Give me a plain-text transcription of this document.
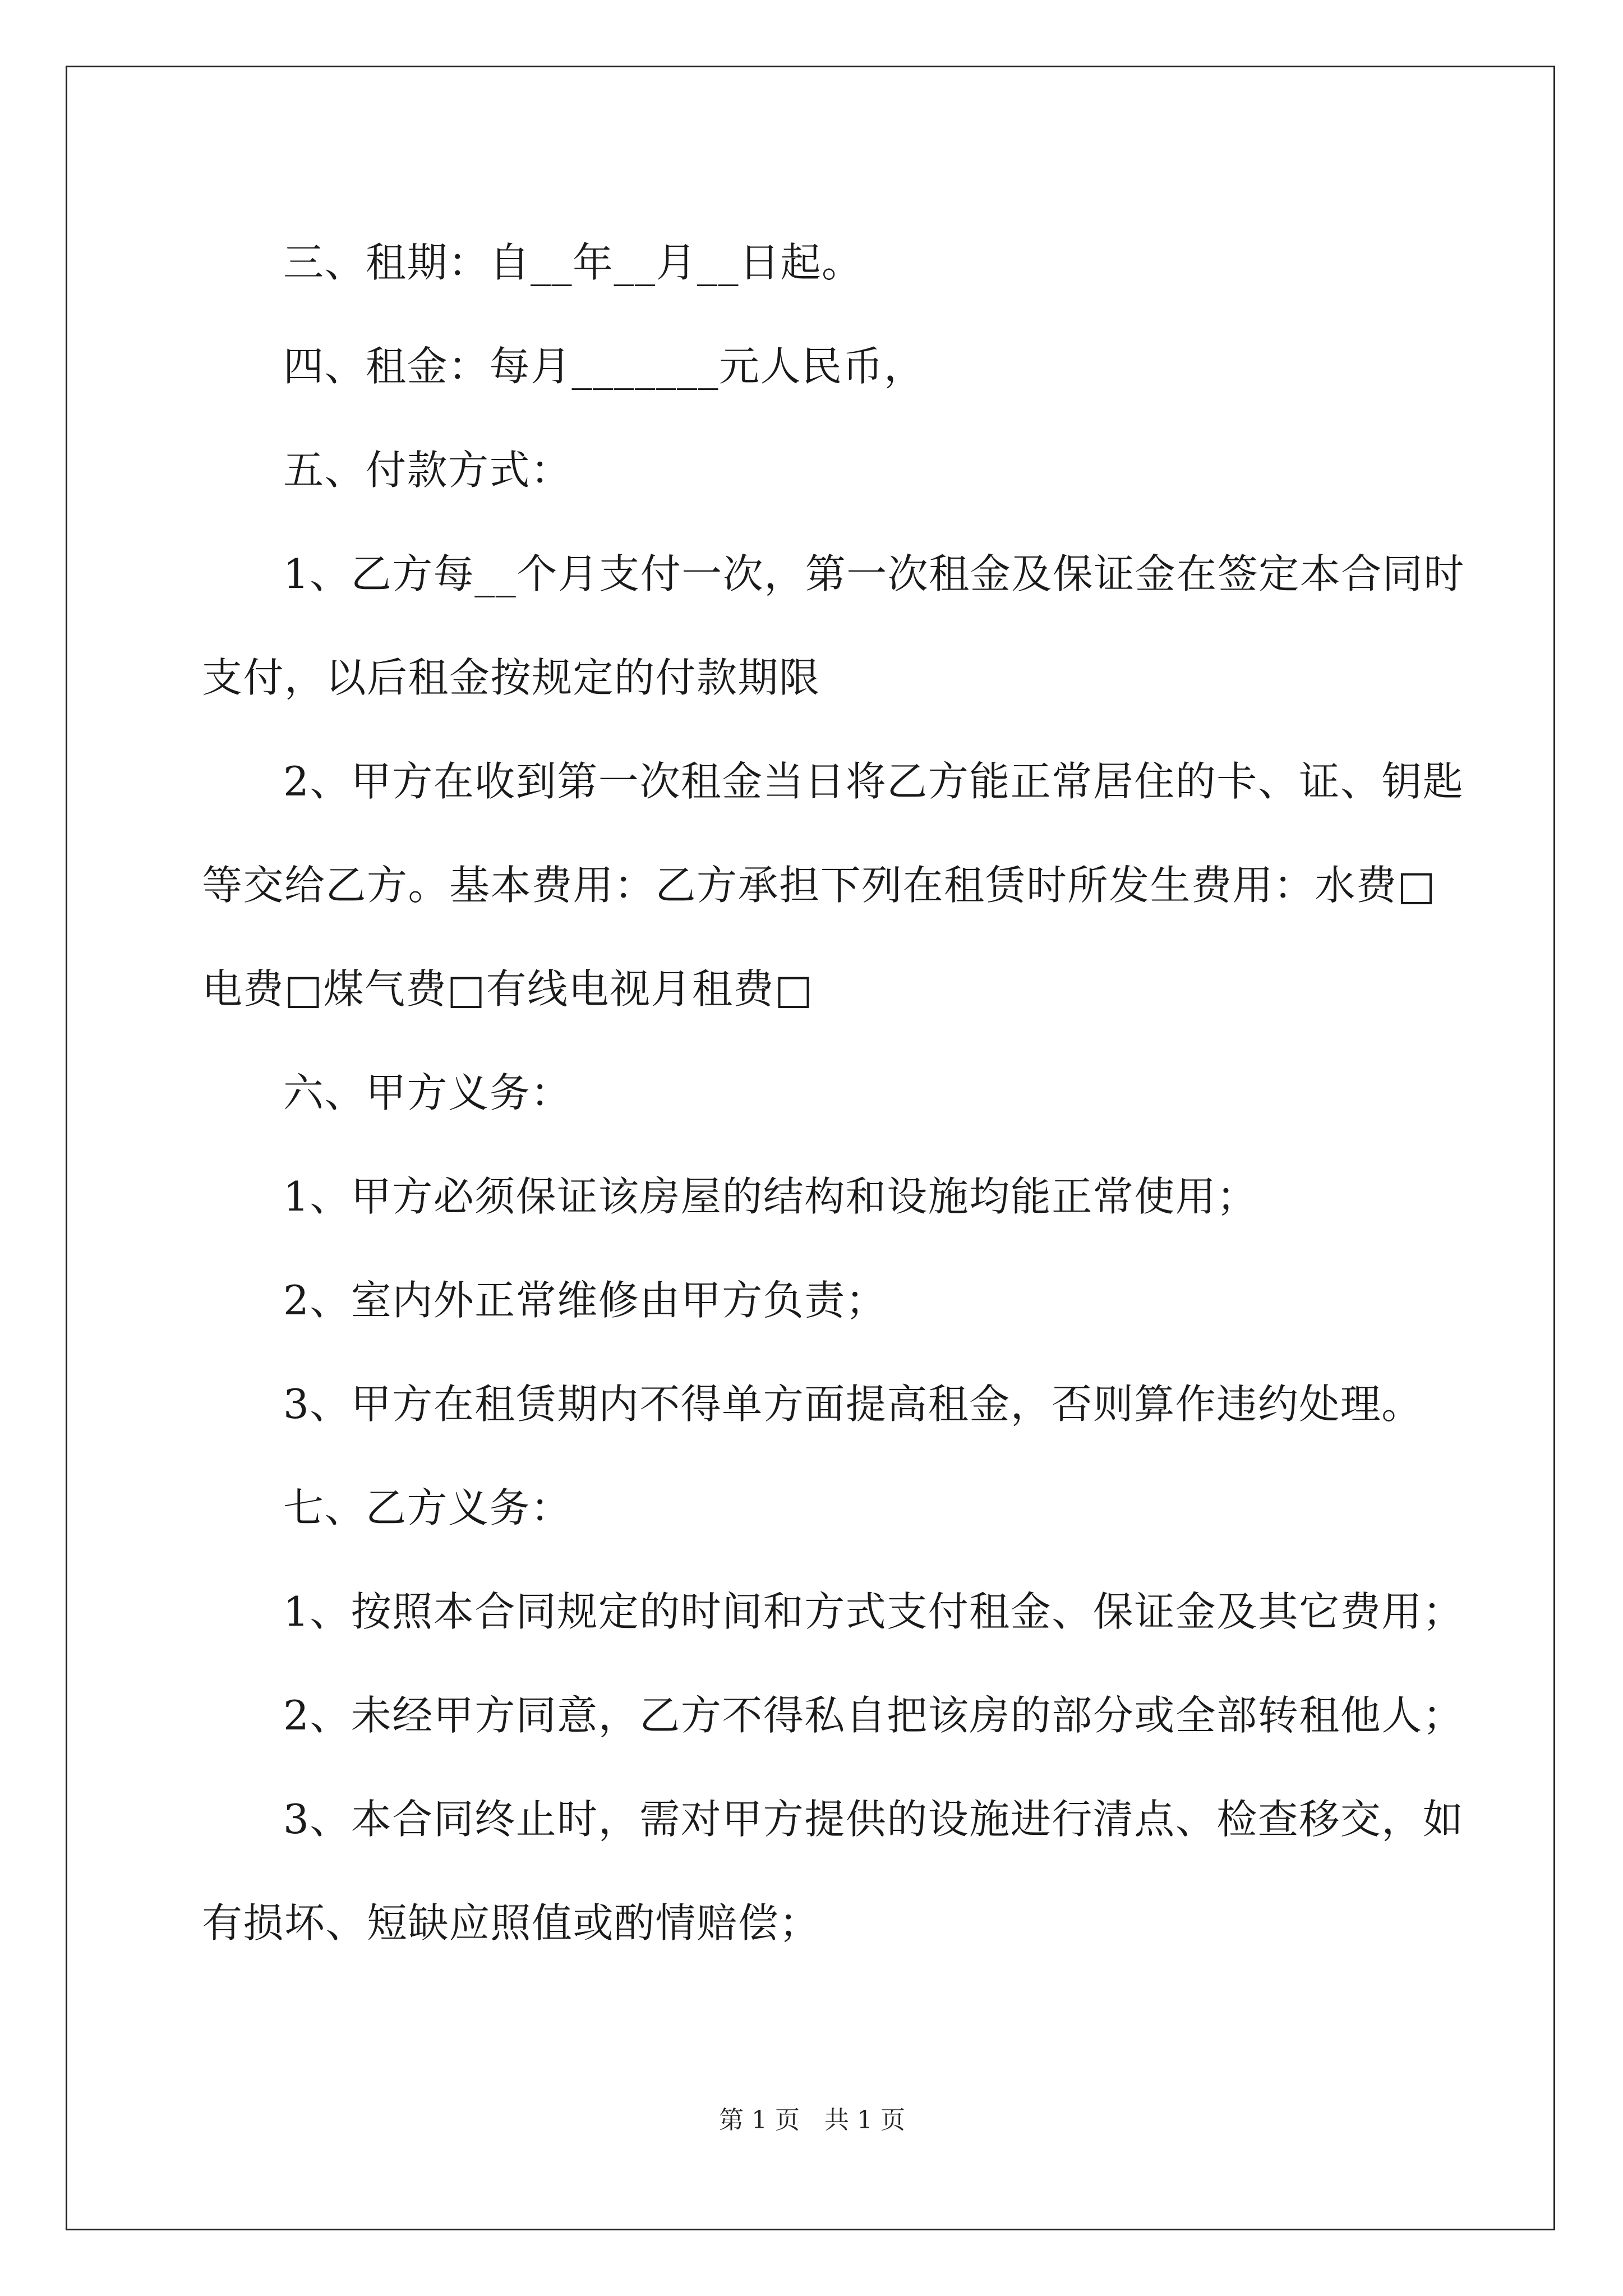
三、租期：自__年__月__日起。
四、租金：每月_______元人民币，
五、付款方式：
1、乙方每__个月支付一次，第一次租金及保证金在签定本合同时
支付，以后租金按规定的付款期限
2、甲方在收到第一次租金当日将乙方能正常居住的卡、证、钥匙
等交给乙方。基本费用：乙方承担下列在租赁时所发生费用：水费□
电费□煤气费□有线电视月租费□
六、甲方义务：
1、甲方必须保证该房屋的结构和设施均能正常使用；
2、室内外正常维修由甲方负责；
3、甲方在租赁期内不得单方面提高租金，否则算作违约处理。
七、乙方义务：
1、按照本合同规定的时间和方式支付租金、保证金及其它费用；
2、未经甲方同意，乙方不得私自把该房的部分或全部转租他人；
3、本合同终止时，需对甲方提供的设施进行清点、检查移交，如
有损坏、短缺应照值或酌情赔偿；
第 1 页　共 1 页
